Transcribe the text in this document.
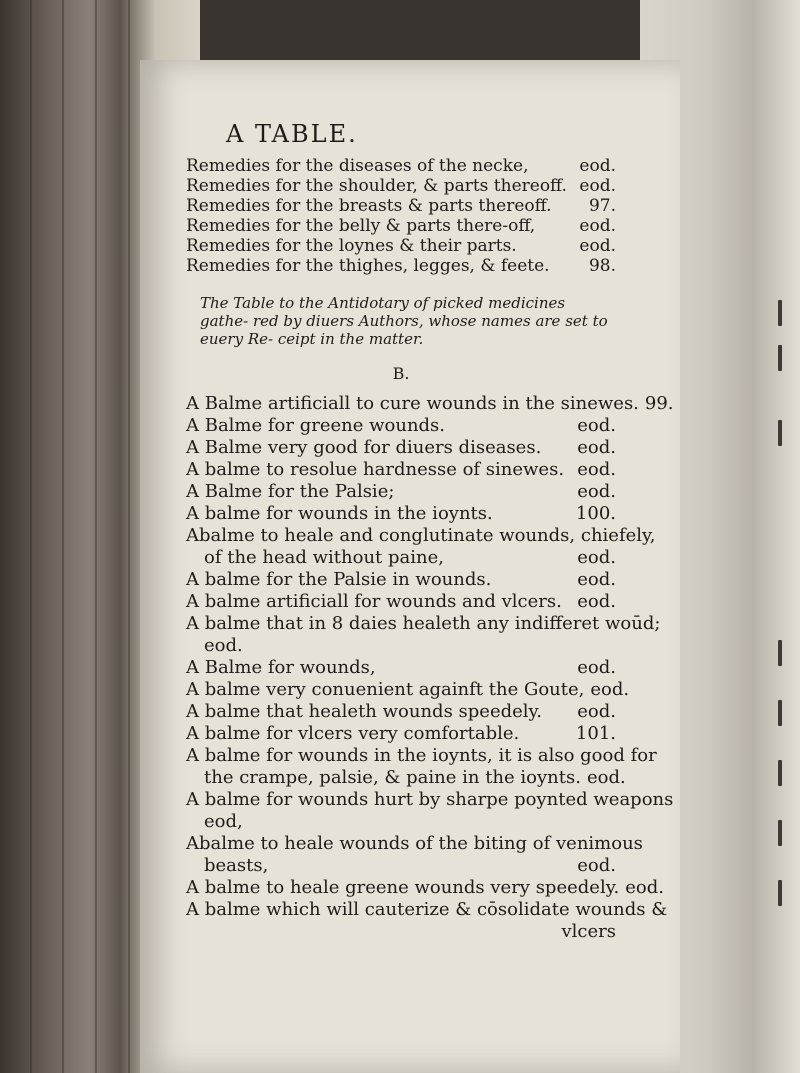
A TABLE.
Remedies for the diseases of the necke,	eod.
Remedies for the shoulder, & parts thereoff. eod.
Remedies for the breasts & parts thereoff.	97.
Remedies for the belly & parts there-off,	eod.
Remedies for the loynes & their parts.	eod.
Remedies for the thighes, legges, & feete.	98.

The Table to the Antidotary of picked medicines gathe- red by diuers Authors, whose names are set to euery Re- ceipt in the matter.

B.
A Balme artificiall to cure wounds in the sinewes. 99.
A Balme for greene wounds.	eod.
A Balme very good for diuers diseases.	eod.
A balme to resolue hardnesse of sinewes. eod.
A Balme for the Palsie;	eod.
A balme for wounds in the ioynts.	100.
Abalme to heale and conglutinate wounds, chiefely,
of the head without paine,	eod.
A balme for the Palsie in wounds.	eod.
A balme artificiall for wounds and vlcers. eod.
A balme that in 8 daies healeth any indifferet woūd;
eod.
A Balme for wounds,	eod.
A balme very conuenient againft the Goute, eod.
A balme that healeth wounds speedely.	eod.
A balme for vlcers very comfortable.	101.
A balme for wounds in the ioynts, it is also good for
the crampe, palsie, & paine in the ioynts. eod.
A balme for wounds hurt by sharpe poynted weapons
eod,
Abalme to heale wounds of the biting of venimous
beasts,	eod.
A balme to heale greene wounds very speedely. eod.
A balme which will cauterize & cōsolidate wounds &
vlcers
